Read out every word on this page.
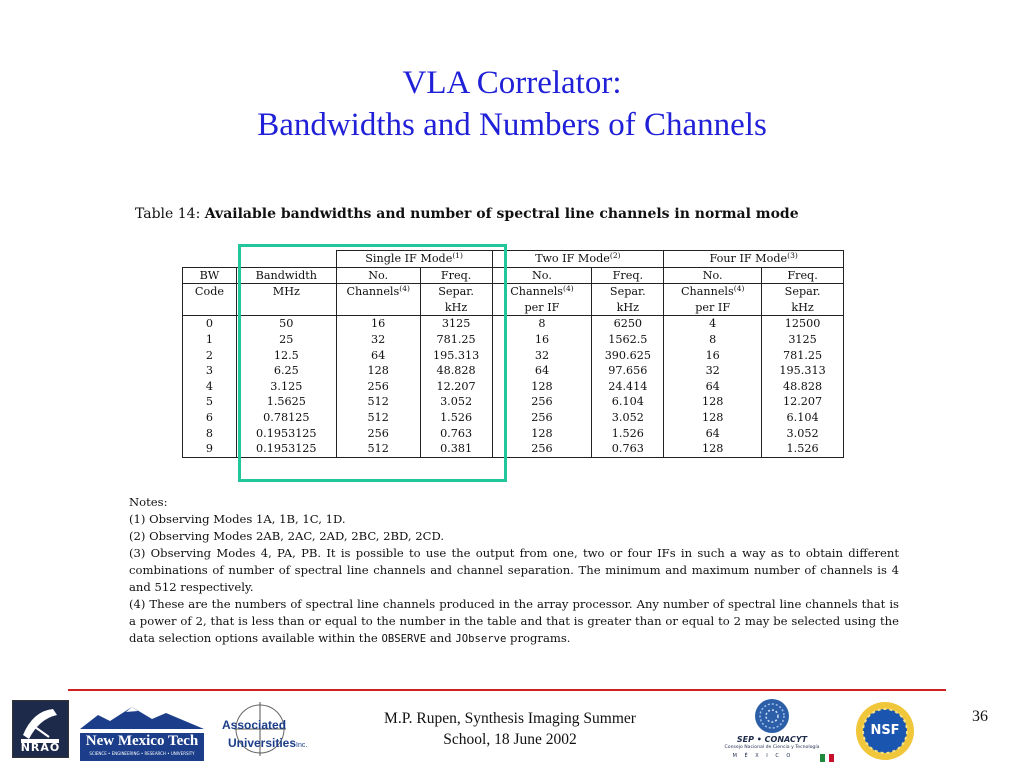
VLA Correlator:
Bandwidths and Numbers of Channels
Table 14: Available bandwidths and number of spectral line channels in normal mode
		Single IF Mode$^{(1)}$		Two IF Mode$^{(2)}$		Four IF Mode$^{(3)}$
BW	Bandwidth	No.	Freq.	No.	Freq.	No.	Freq.
Code	MHz	Channels$^{(4)}$	Separ.	Channels$^{(4)}$	Separ.	Channels$^{(4)}$	Separ.
			kHz	per IF	kHz	per IF	kHz
0	50	16	3125	8	6250	4	12500
1	25	32	781.25	16	1562.5	8	3125
2	12.5	64	195.313	32	390.625	16	781.25
3	6.25	128	48.828	64	97.656	32	195.313
4	3.125	256	12.207	128	24.414	64	48.828
5	1.5625	512	3.052	256	6.104	128	12.207
6	0.78125	512	1.526	256	3.052	128	6.104
8	0.1953125	256	0.763	128	1.526	64	3.052
9	0.1953125	512	0.381	256	0.763	128	1.526
Notes:
(1) Observing Modes 1A, 1B, 1C, 1D.
(2) Observing Modes 2AB, 2AC, 2AD, 2BC, 2BD, 2CD.
(3) Observing Modes 4, PA, PB. It is possible to use the output from one, two or four IFs in such a way as to obtain different combinations of number of spectral line channels and channel separation. The minimum and maximum number of channels is 4 and 512 respectively.
(4) These are the numbers of spectral line channels produced in the array processor. Any number of spectral line channels that is a power of 2, that is less than or equal to the number in the table and that is greater than or equal to 2 may be selected using the data selection options available within the OBSERVE and JObserve programs.
NRAO	New Mexico Tech
SCIENCE • ENGINEERING • RESEARCH • UNIVERSITY
Associated
UniversitiesInc.
M.P. Rupen, Synthesis Imaging Summer
School, 18 June 2002	SEP • CONACYT
Consejo Nacional de Ciencia y Tecnología
M É X I C O
NSF
36
